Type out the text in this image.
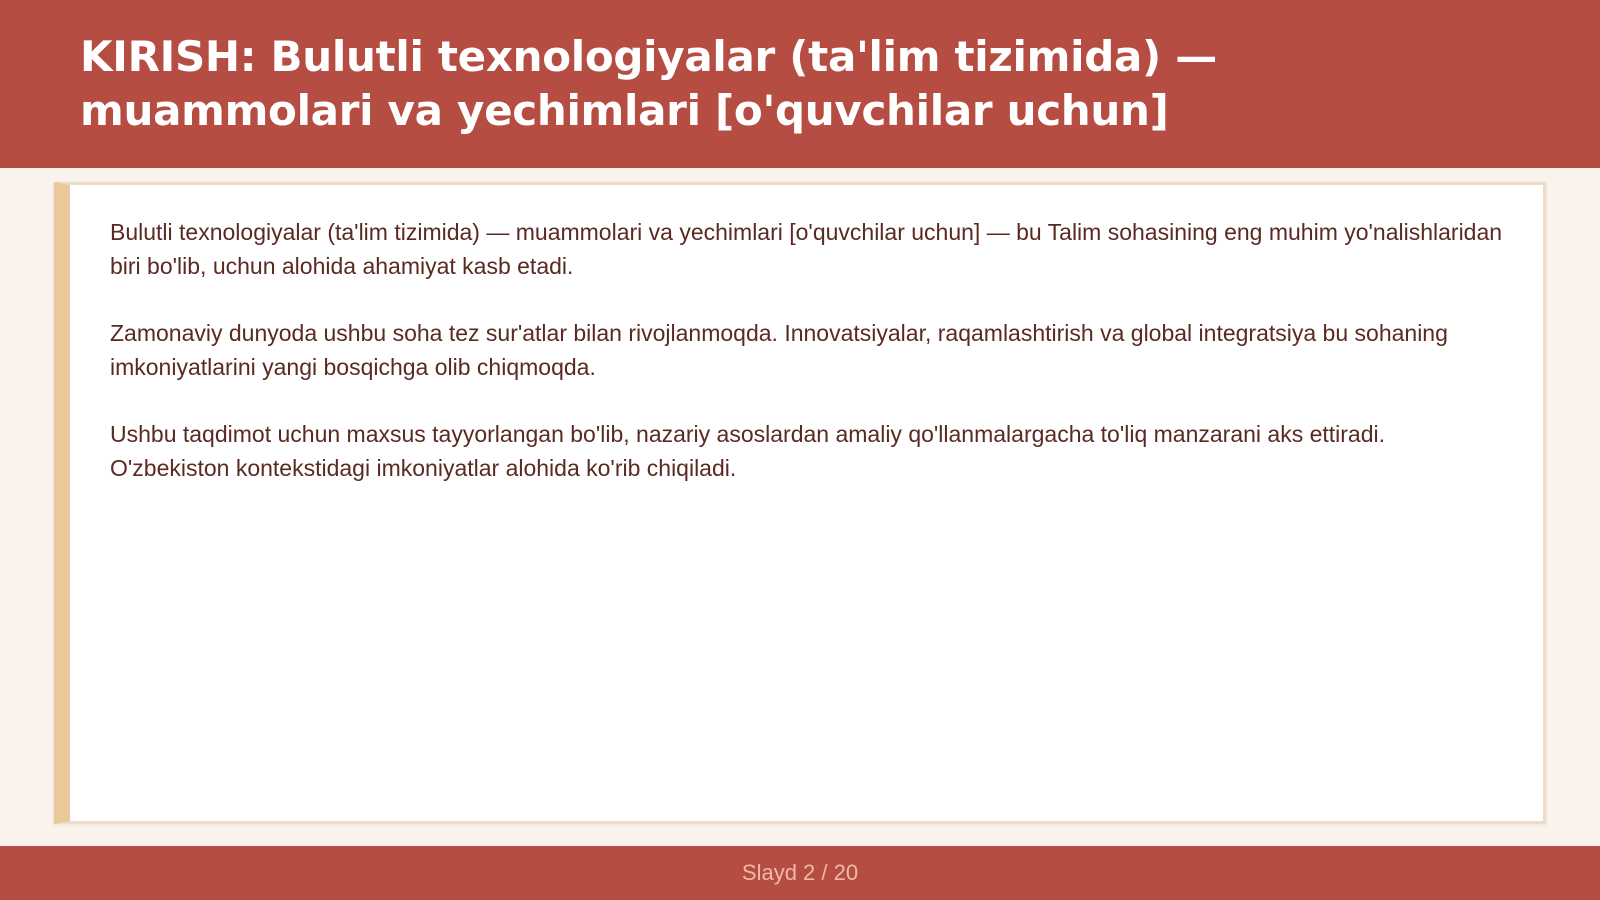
KIRISH: Bulutli texnologiyalar (ta'lim tizimida) — muammolari va yechimlari [o'quvchilar uchun]

Bulutli texnologiyalar (ta'lim tizimida) — muammolari va yechimlari [o'quvchilar uchun] — bu Talim sohasining eng muhim yo'nalishlaridan biri bo'lib, uchun alohida ahamiyat kasb etadi.

Zamonaviy dunyoda ushbu soha tez sur'atlar bilan rivojlanmoqda. Innovatsiyalar, raqamlashtirish va global integratsiya bu sohaning imkoniyatlarini yangi bosqichga olib chiqmoqda.

Ushbu taqdimot uchun maxsus tayyorlangan bo'lib, nazariy asoslardan amaliy qo'llanmalargacha to'liq manzarani aks ettiradi. O'zbekiston kontekstidagi imkoniyatlar alohida ko'rib chiqiladi.

Slayd 2 / 20
